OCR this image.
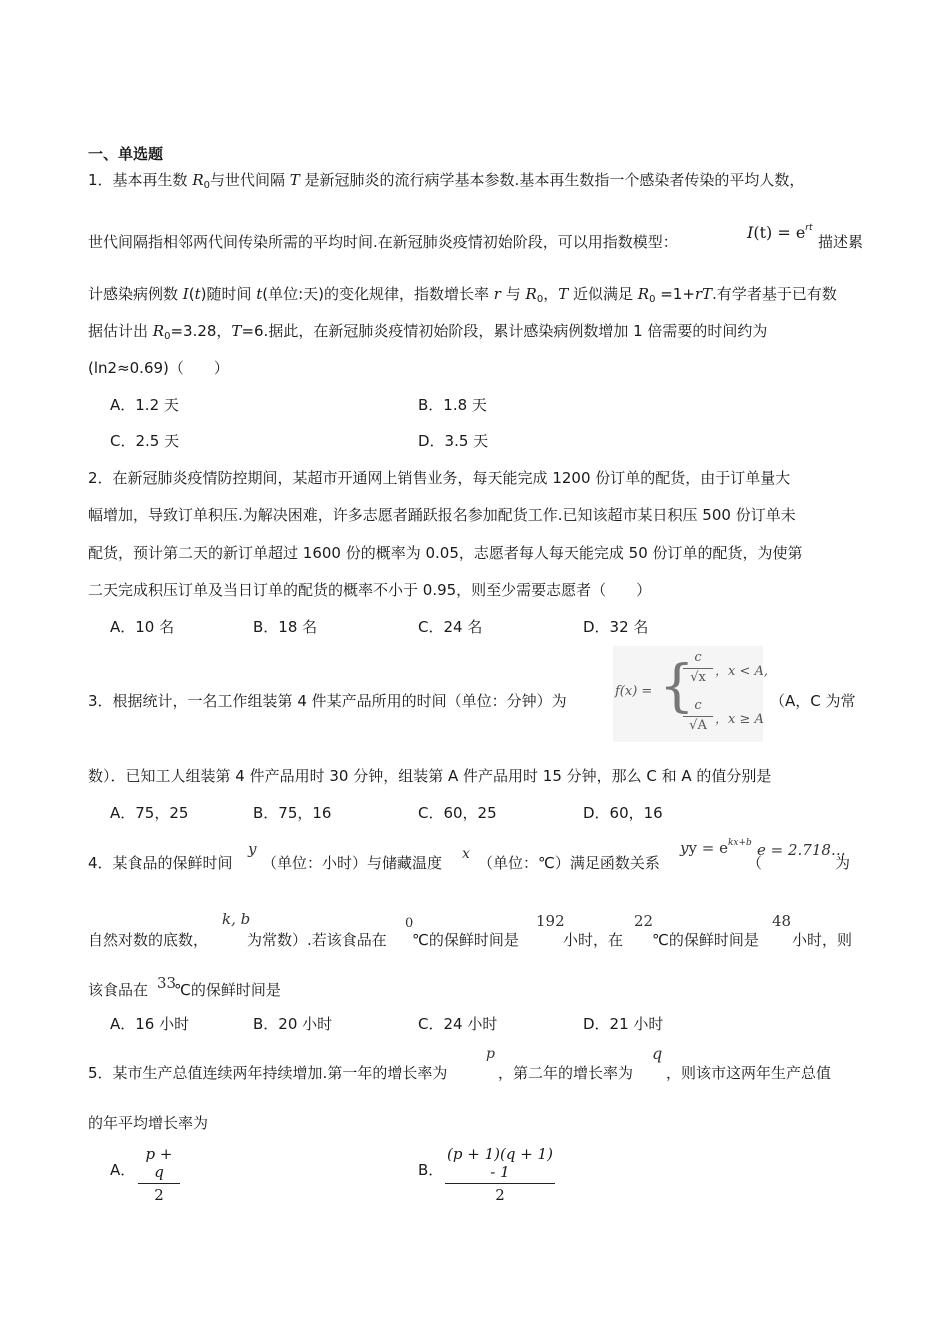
一、单选题
1．基本再生数 $R_0$与世代间隔 T 是新冠肺炎的流行病学基本参数.基本再生数指一个感染者传染的平均人数，
世代间隔指相邻两代间传染所需的平均时间.在新冠肺炎疫情初始阶段，可以用指数模型：	$I(t) = e^{rt}$
描述累
计感染病例数 I(t)随时间 t(单位:天)的变化规律，指数增长率 r 与 $R_0$，T 近似满足 $R_0 =1+rT$.有学者基于已有数
据估计出 $R_0=3.28$，T=6.据此，在新冠肺炎疫情初始阶段，累计感染病例数增加 1 倍需要的时间约为
(ln2≈0.69)（　　）
A．1.2 天	B．1.8 天
C．2.5 天	D．3.5 天
2．在新冠肺炎疫情防控期间，某超市开通网上销售业务，每天能完成 1200 份订单的配货，由于订单量大
幅增加，导致订单积压.为解决困难，许多志愿者踊跃报名参加配货工作.已知该超市某日积压 500 份订单未
配货，预计第二天的新订单超过 1600 份的概率为 0.05，志愿者每人每天能完成 50 份订单的配货，为使第
二天完成积压订单及当日订单的配货的概率不小于 0.95，则至少需要志愿者（　　）
A．10 名	B．18 名	C．24 名	D．32 名
3．根据统计，一名工作组装第 4 件某产品所用的时间（单位：分钟）为
f(x) = { c
√x ，x < A,
c
√A ，x ≥ A
（A，C 为常
数）．已知工人组装第 4 件产品用时 30 分钟，组装第 A 件产品用时 15 分钟，那么 C 和 A 的值分别是
A．75，25	B．75，16	C．60，25	D．60，16
4．某食品的保鲜时间
y
（单位：小时）与储藏温度 x （单位：℃）满足函数关系
yy = $e^{kx+b}$
（
e = 2.718…
为
自然对数的底数，
k, b
为常数）.若该食品在
0
℃的保鲜时间是
192
小时，在
22
℃的保鲜时间是
48
小时，则
该食品在 33
℃的保鲜时间是
A．16 小时	B．20 小时	C．24 小时	D．21 小时
5．某市生产总值连续两年持续增加.第一年的增长率为
p
，第二年的增长率为
q
，则该市这两年生产总值
的年平均增长率为
A．
p + q
2
B．
(p + 1)(q + 1) - 1
2
